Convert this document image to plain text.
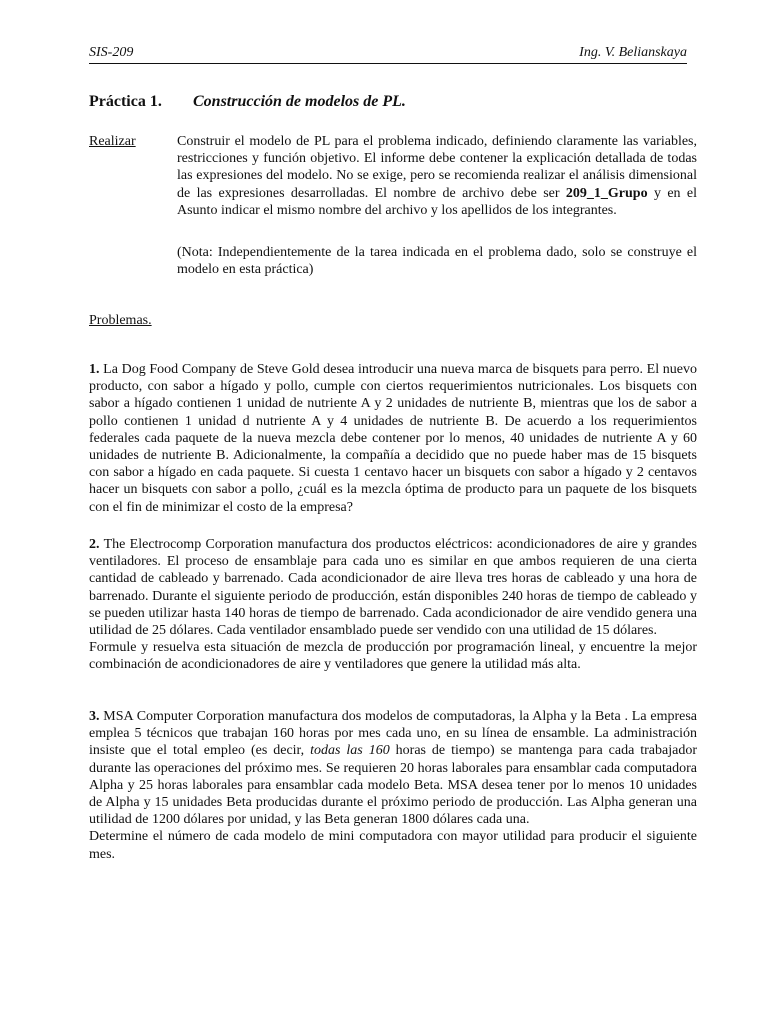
SIS-209	Ing. V. Belianskaya
Práctica 1. Construcción de modelos de PL.
Realizar	Construir el modelo de PL para el problema indicado, definiendo claramente las variables, restricciones y función objetivo. El informe debe contener la explicación detallada de todas las expresiones del modelo. No se exige, pero se recomienda realizar el análisis dimensional de las expresiones desarrolladas. El nombre de archivo debe ser 209_1_Grupo y en el Asunto indicar el mismo nombre del archivo y los apellidos de los integrantes.

(Nota: Independientemente de la tarea indicada en el problema dado, solo se construye el modelo en esta práctica)

Problemas.

1. La Dog Food Company de Steve Gold desea introducir una nueva marca de bisquets para perro. El nuevo producto, con sabor a hígado y pollo, cumple con ciertos requerimientos nutricionales. Los bisquets con sabor a hígado contienen 1 unidad de nutriente A y 2 unidades de nutriente B, mientras que los de sabor a pollo contienen 1 unidad d nutriente A y 4 unidades de nutriente B. De acuerdo a los requerimientos federales cada paquete de la nueva mezcla debe contener por lo menos, 40 unidades de nutriente A y 60 unidades de nutriente B. Adicionalmente, la compañía a decidido que no puede haber mas de 15 bisquets con sabor a hígado en cada paquete. Si cuesta 1 centavo hacer un bisquets con sabor a hígado y 2 centavos hacer un bisquets con sabor a pollo, ¿cuál es la mezcla óptima de producto para un paquete de los bisquets con el fin de minimizar el costo de la empresa?

2. The Electrocomp Corporation manufactura dos productos eléctricos: acondicionadores de aire y grandes ventiladores. El proceso de ensamblaje para cada uno es similar en que ambos requieren de una cierta cantidad de cableado y barrenado. Cada acondicionador de aire lleva tres horas de cableado y una hora de barrenado. Durante el siguiente periodo de producción, están disponibles 240 horas de tiempo de cableado y se pueden utilizar hasta 140 horas de tiempo de barrenado. Cada acondicionador de aire vendido genera una utilidad de 25 dólares. Cada ventilador ensamblado puede ser vendido con una utilidad de 15 dólares.
Formule y resuelva esta situación de mezcla de producción por programación lineal, y encuentre la mejor combinación de acondicionadores de aire y ventiladores que genere la utilidad más alta.

3. MSA Computer Corporation manufactura dos modelos de computadoras, la Alpha y la Beta . La empresa emplea 5 técnicos que trabajan 160 horas por mes cada uno, en su línea de ensamble. La administración insiste que el total empleo (es decir, todas las 160 horas de tiempo) se mantenga para cada trabajador durante las operaciones del próximo mes. Se requieren 20 horas laborales para ensamblar cada computadora Alpha y 25 horas laborales para ensamblar cada modelo Beta. MSA desea tener por lo menos 10 unidades de Alpha y 15 unidades Beta producidas durante el próximo periodo de producción. Las Alpha generan una utilidad de 1200 dólares por unidad, y las Beta generan 1800 dólares cada una.
Determine el número de cada modelo de mini computadora con mayor utilidad para producir el siguiente mes.
